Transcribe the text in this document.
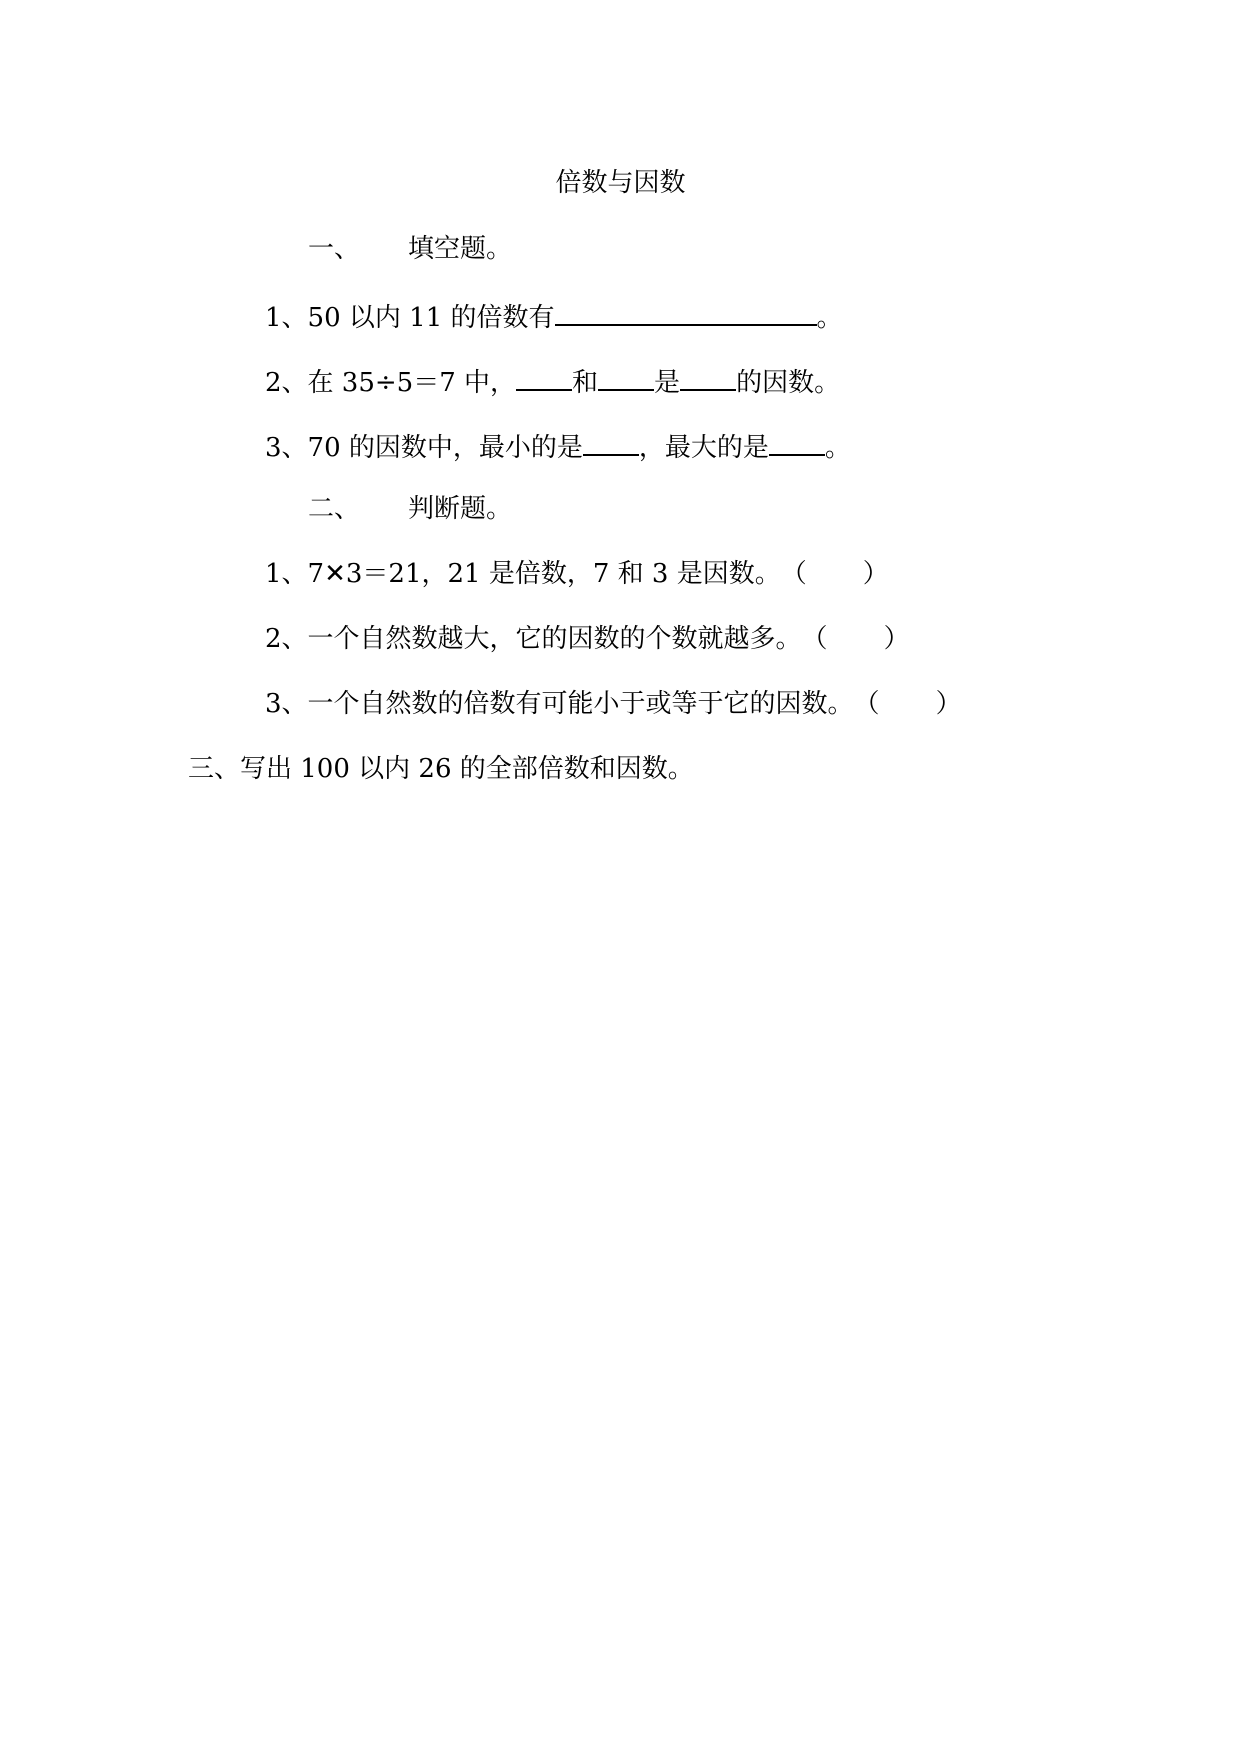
倍数与因数
一、 填空题。
1、50 以内 11 的倍数有	。
2、在 35÷5＝7 中， 和 是 的因数。
3、70 的因数中，最小的是 ，最大的是 。
二、 判断题。
1、7✕3＝21，21 是倍数，7 和 3 是因数。（ ）
2、一个自然数越大，它的因数的个数就越多。（ ）
3、一个自然数的倍数有可能小于或等于它的因数。（ ）
三、写出 100 以内 26 的全部倍数和因数。
